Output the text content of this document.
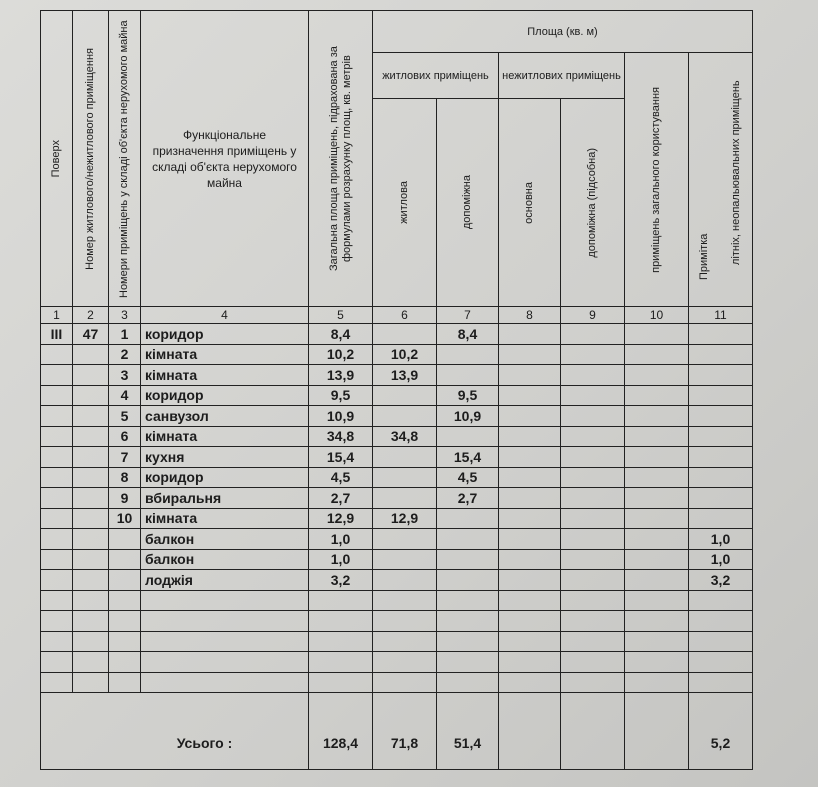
Поверх	Номер житлового/нежитлового приміщення	Номери приміщень у складі об'єкта нерухомого майна	Функціональне призначення приміщень у складі об'єкта нерухомого майна	Загальна площа приміщень, підрахована за формулами розрахунку площ, кв. метрів	Площа (кв. м)					
					житлових приміщень		нежитлових приміщень		приміщень загального користування	Примітка літніх, неопальювальних приміщень

					житлова	допоміжна	основна	допоміжна (підсобна)		

1	2	3	4	5	6	7	8	9	10	11
III	47	1	коридор	8,4		8,4				
		2	кімната	10,2	10,2					
		3	кімната	13,9	13,9					
		4	коридор	9,5		9,5				
		5	санвузол	10,9		10,9				
		6	кімната	34,8	34,8					
		7	кухня	15,4		15,4				
		8	коридор	4,5		4,5				
		9	вбиральня	2,7		2,7				
		10	кімната	12,9	12,9					
			балкон	1,0						1,0
			балкон	1,0						1,0
			лоджія	3,2						3,2

Усього :				128,4	71,8	51,4				5,2
